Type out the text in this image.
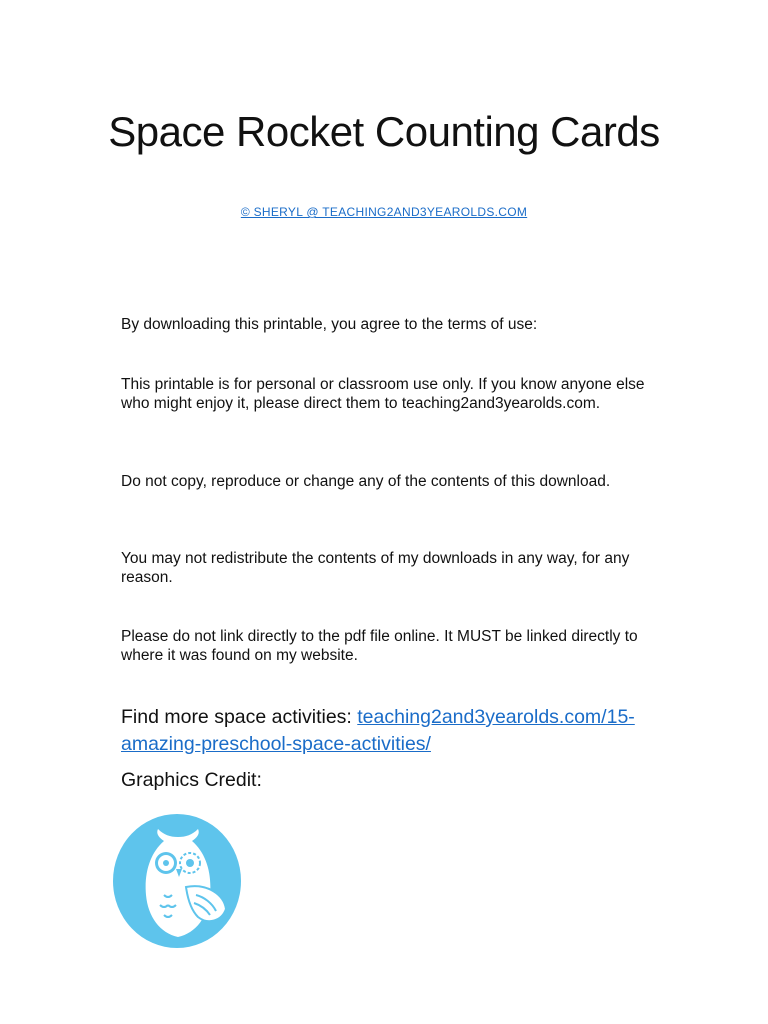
Space Rocket Counting Cards
© SHERYL @ TEACHING2AND3YEAROLDS.COM

By downloading this printable, you agree to the terms of use:

This printable is for personal or classroom use only. If you know anyone else who might enjoy it, please direct them to teaching2and3yearolds.com.

Do not copy, reproduce or change any of the contents of this download.

You may not redistribute the contents of my downloads in any way, for any reason.

Please do not link directly to the pdf file online. It MUST be linked directly to where it was found on my website.

Find more space activities: teaching2and3yearolds.com/15-amazing-preschool-space-activities/

Graphics Credit:
